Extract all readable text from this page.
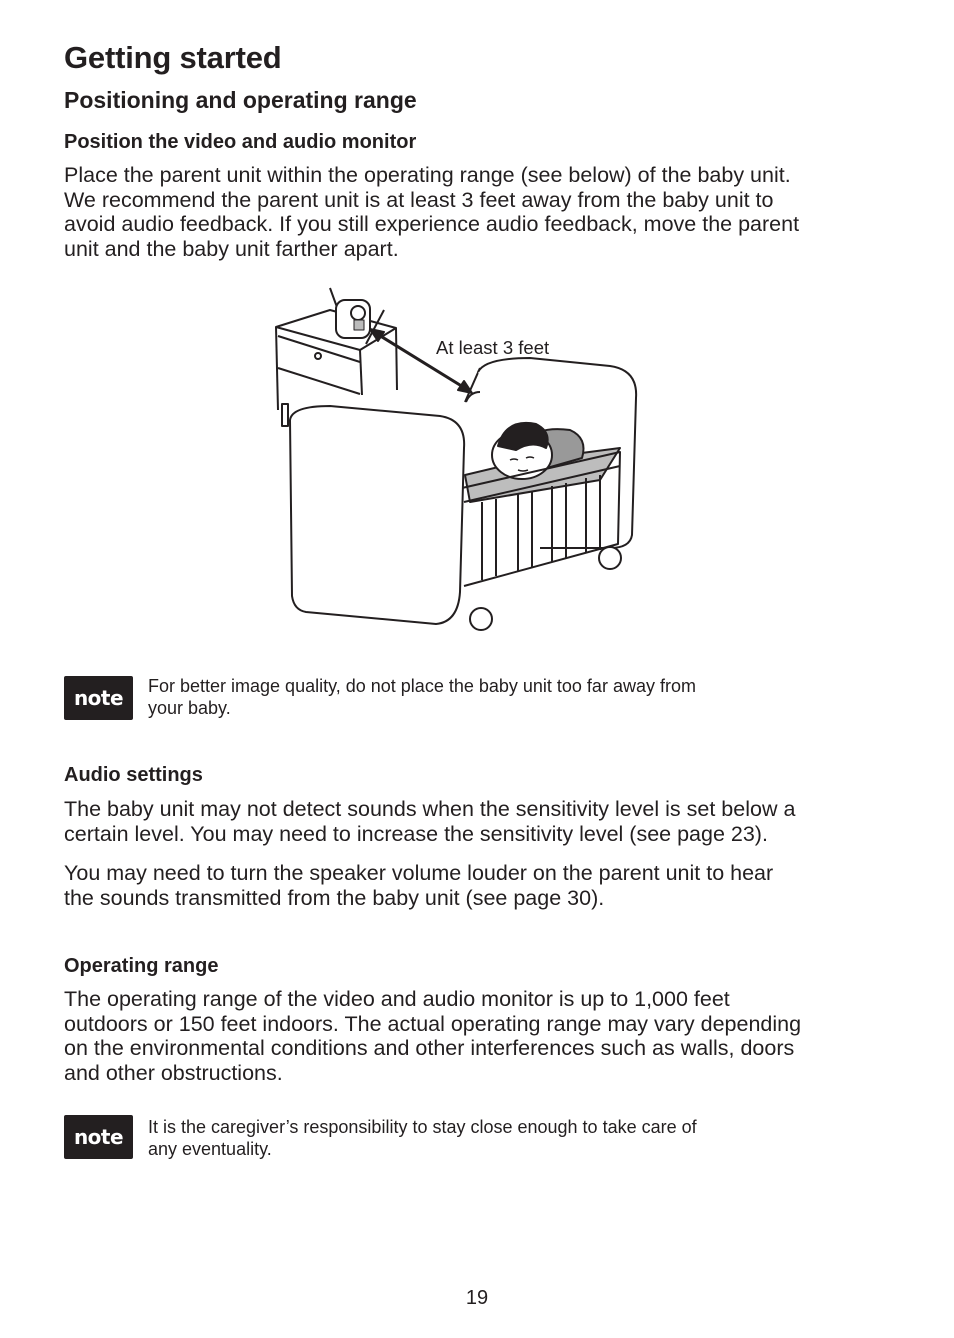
Getting started
Positioning and operating range
Position the video and audio monitor
Place the parent unit within the operating range (see below) of the baby unit.
We recommend the parent unit is at least 3 feet away from the baby unit to
avoid audio feedback. If you still experience audio feedback, move the parent
unit and the baby unit farther apart.
At least 3 feet
note	For better image quality, do not place the baby unit too far away from
your baby.
Audio settings
The baby unit may not detect sounds when the sensitivity level is set below a
certain level. You may need to increase the sensitivity level (see page 23).
You may need to turn the speaker volume louder on the parent unit to hear
the sounds transmitted from the baby unit (see page 30).
Operating range
The operating range of the video and audio monitor is up to 1,000 feet
outdoors or 150 feet indoors. The actual operating range may vary depending
on the environmental conditions and other interferences such as walls, doors
and other obstructions.
note	It is the caregiver’s responsibility to stay close enough to take care of
any eventuality.
19
